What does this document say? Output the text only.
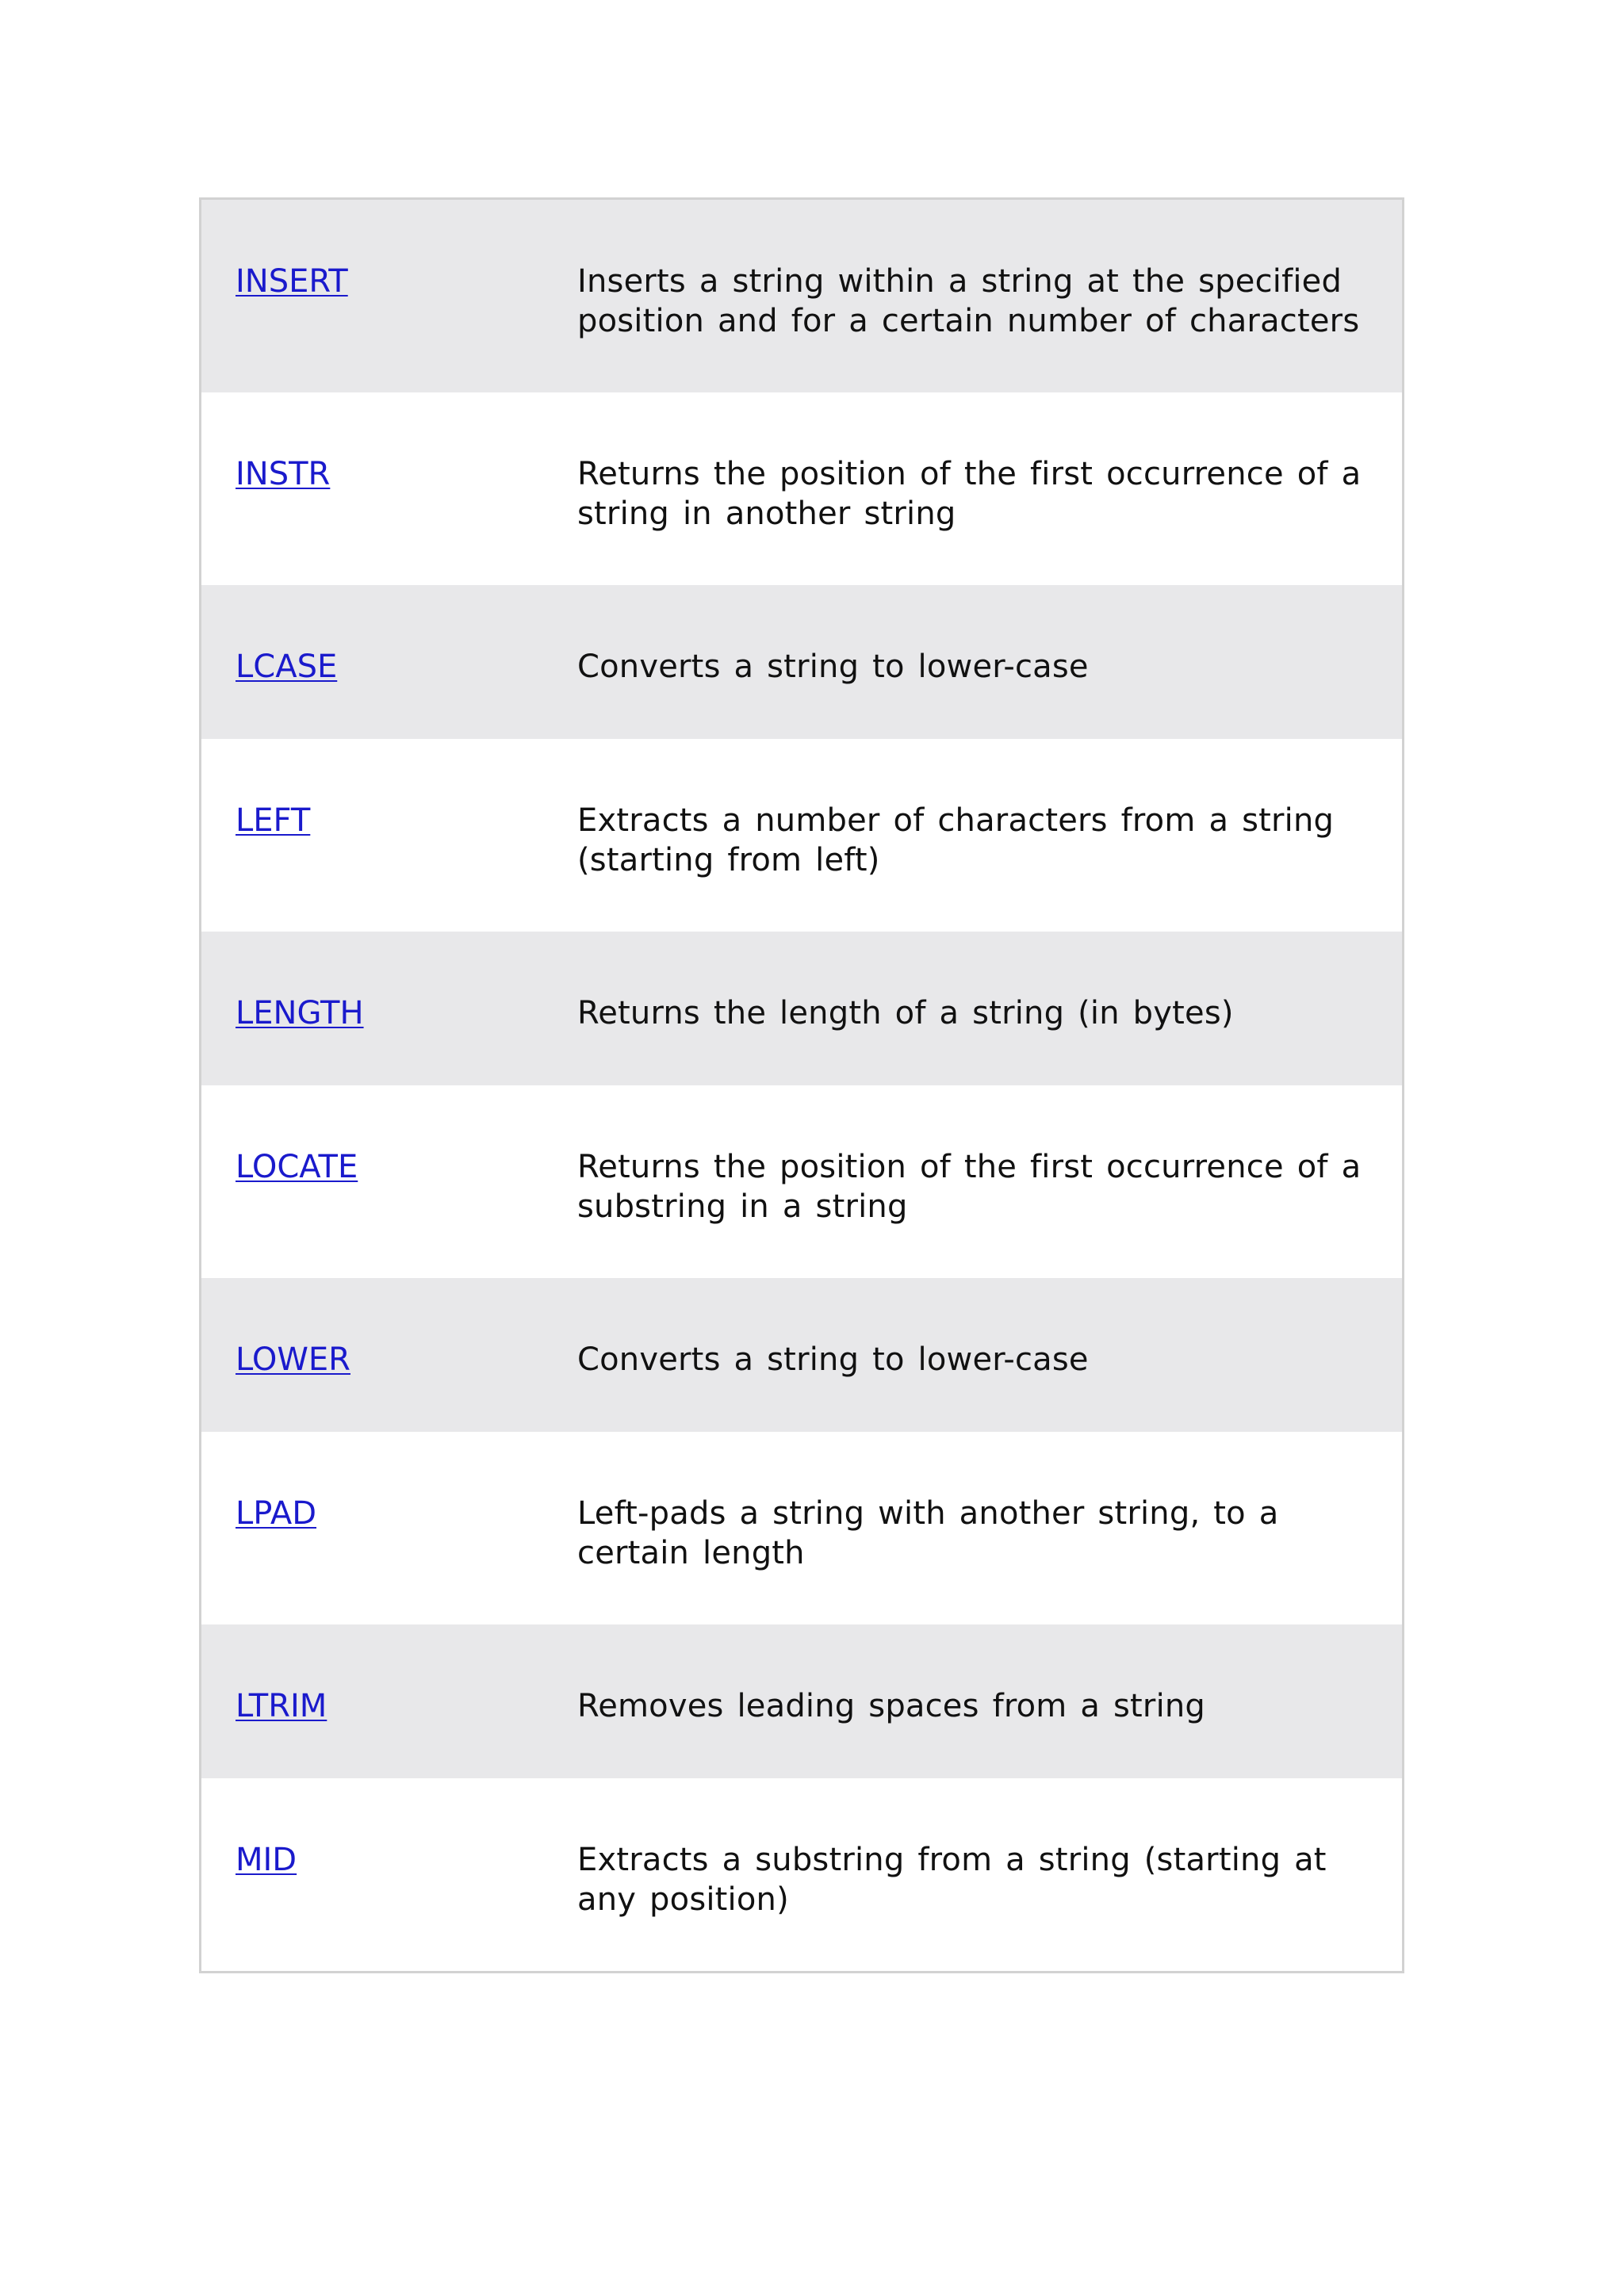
INSERT	Inserts a string within a string at the specified position and for a certain number of characters
INSTR	Returns the position of the first occurrence of a string in another string
LCASE	Converts a string to lower-case
LEFT	Extracts a number of characters from a string (starting from left)
LENGTH	Returns the length of a string (in bytes)
LOCATE	Returns the position of the first occurrence of a substring in a string
LOWER	Converts a string to lower-case
LPAD	Left-pads a string with another string, to a certain length
LTRIM	Removes leading spaces from a string
MID	Extracts a substring from a string (starting at any position)
